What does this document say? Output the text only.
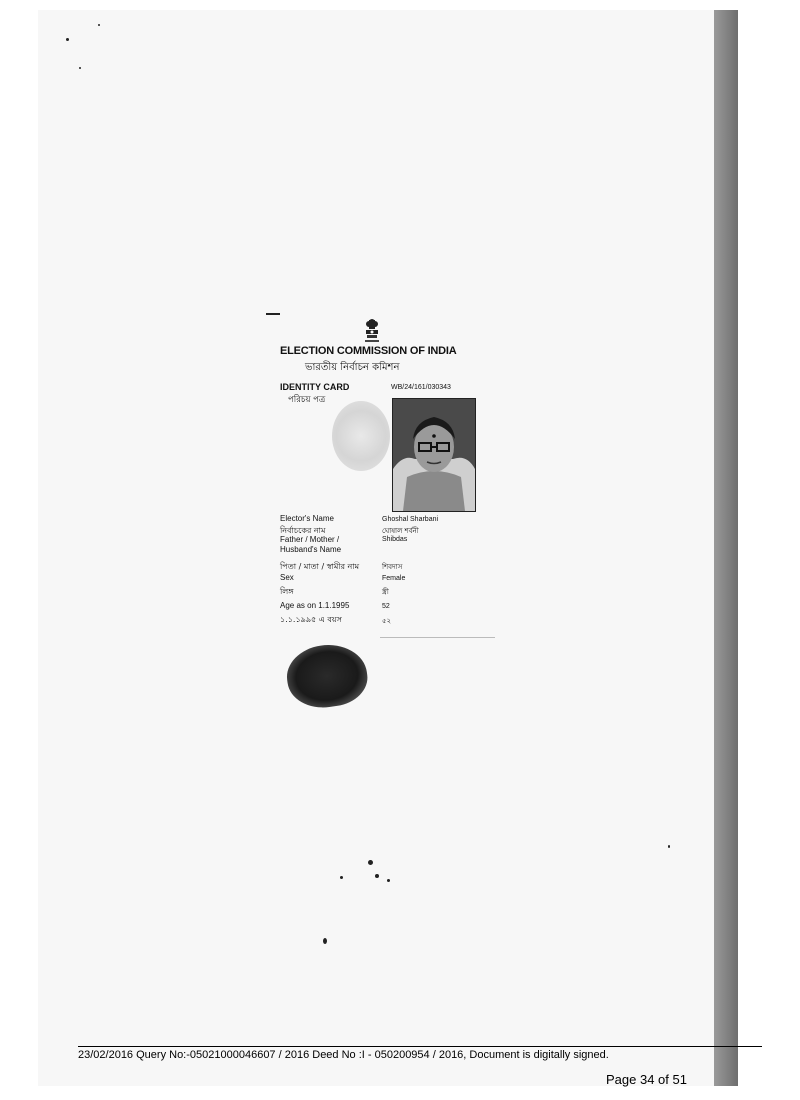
ELECTION COMMISSION OF INDIA
ভারতীয় নির্বাচন কমিশন
IDENTITY CARD
পরিচয় পত্র
WB/24/161/030343
Elector's Name	Ghoshal Sharbani
নির্বাচকের নাম	ঘোষাল শর্বনী
Father / Mother /	Shibdas
Husband's Name
পিতা / মাতা / স্বামীর নাম	শিবদাস
Sex	Female
লিঙ্গ	স্ত্রী
Age as on 1.1.1995	52
১.১.১৯৯৫ এ বয়স	৫২
23/02/2016 Query No:-05021000046607 / 2016 Deed No :I - 050200954 / 2016, Document is digitally signed.
Page 34 of 51
